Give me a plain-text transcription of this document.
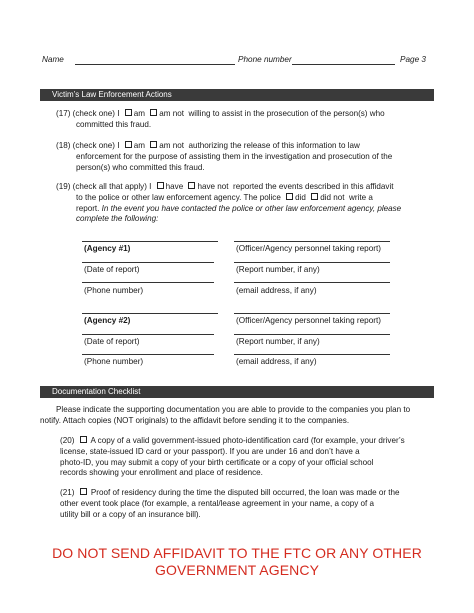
Name	Phone number	Page 3
Victim’s Law Enforcement Actions
(17) (check one) I am am not willing to assist in the prosecution of the person(s) who
committed this fraud.
(18) (check one) I am am not authorizing the release of this information to law
enforcement for the purpose of assisting them in the investigation and prosecution of the
person(s) who committed this fraud.
(19) (check all that apply) I have have not reported the events described in this affidavit
to the police or other law enforcement agency. The police did did not write a
report. In the event you have contacted the police or other law enforcement agency, please
complete the following:
(Agency #1)	(Officer/Agency personnel taking report)
(Date of report)	(Report number, if any)
(Phone number)	(email address, if any)
(Agency #2)	(Officer/Agency personnel taking report)
(Date of report)	(Report number, if any)
(Phone number)	(email address, if any)
Documentation Checklist
Please indicate the supporting documentation you are able to provide to the companies you plan to
notify. Attach copies (NOT originals) to the affidavit before sending it to the companies.
(20) A copy of a valid government-issued photo-identification card (for example, your driver’s
license, state-issued ID card or your passport). If you are under 16 and don’t have a
photo-ID, you may submit a copy of your birth certificate or a copy of your official school
records showing your enrollment and place of residence.
(21) Proof of residency during the time the disputed bill occurred, the loan was made or the
other event took place (for example, a rental/lease agreement in your name, a copy of a
utility bill or a copy of an insurance bill).
DO NOT SEND AFFIDAVIT TO THE FTC OR ANY OTHER
GOVERNMENT AGENCY
